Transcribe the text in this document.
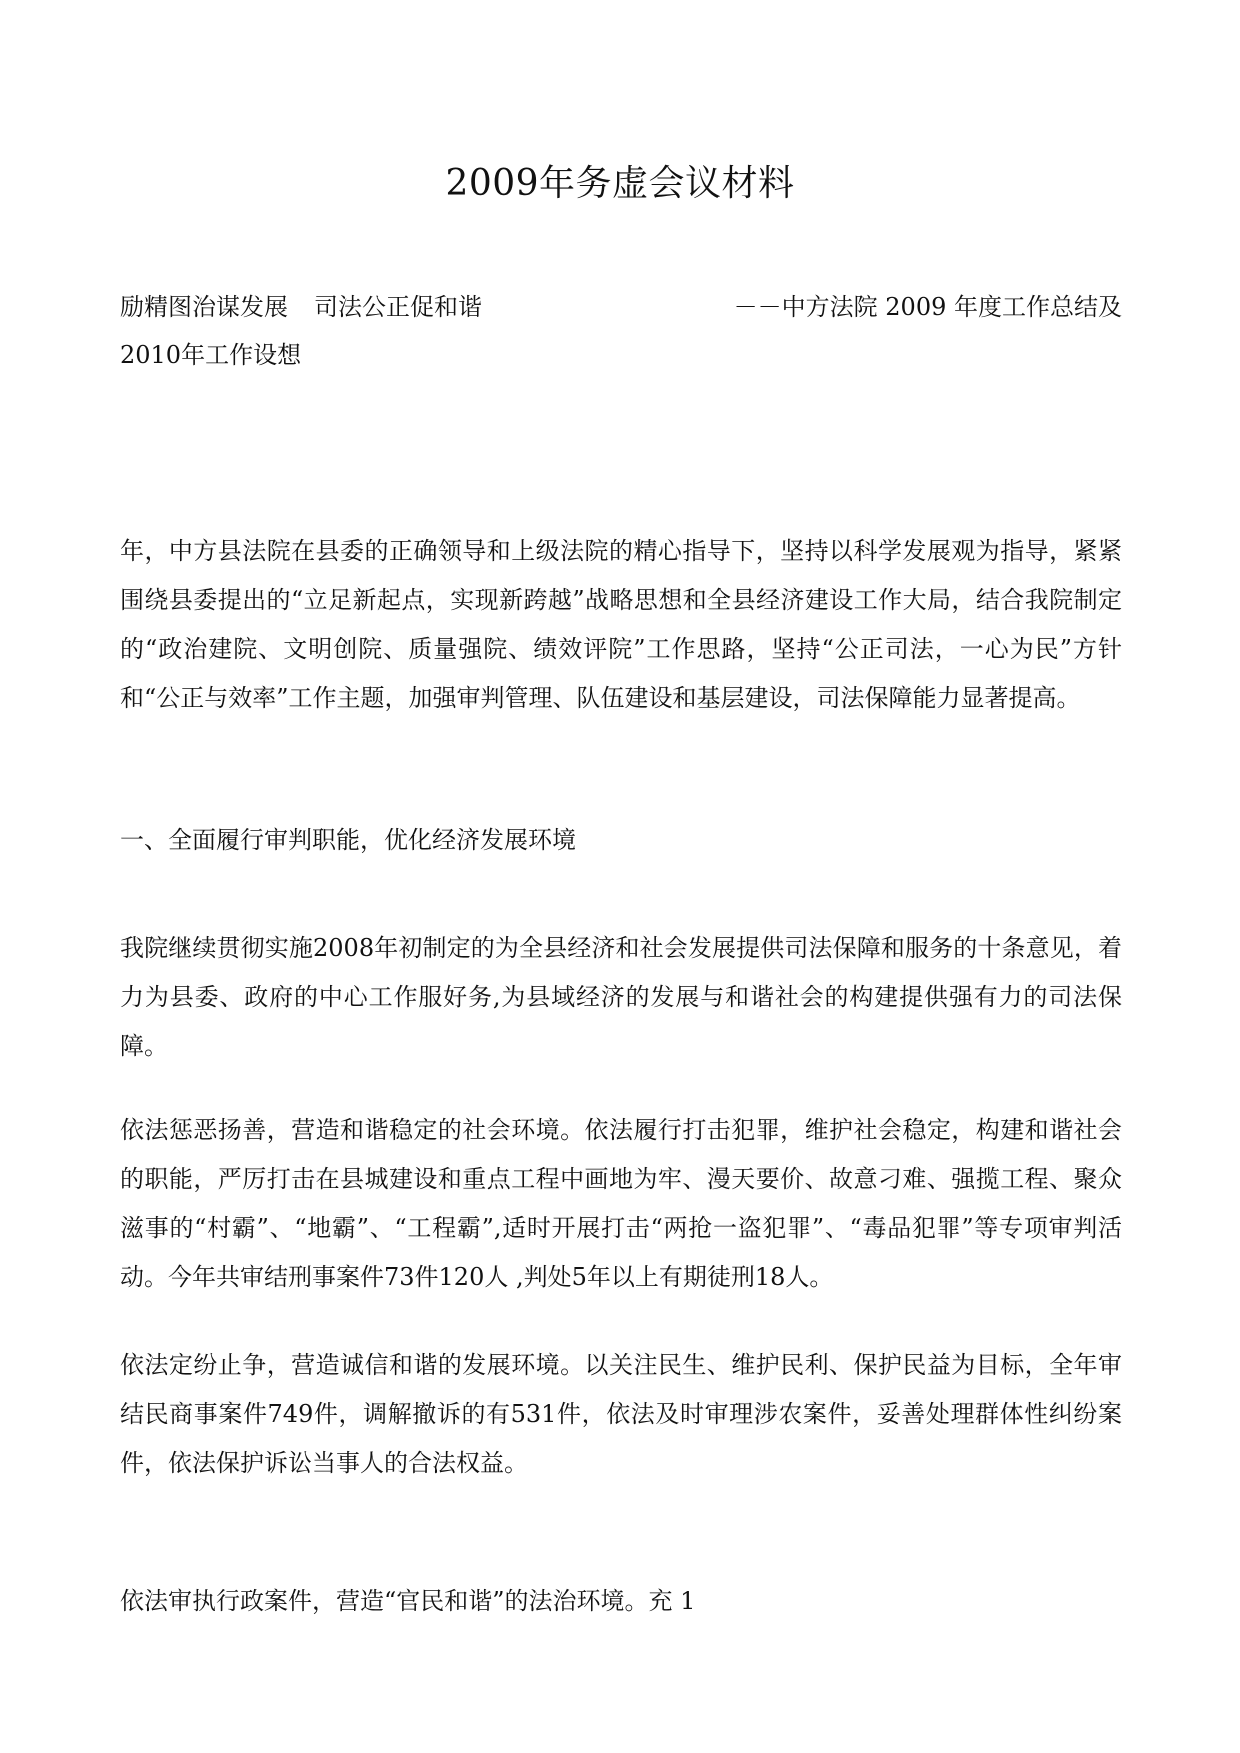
2009年务虚会议材料
励精图治谋发展 司法公正促和谐	－－中方法院 2009 年度工作总结及
2010年工作设想

年，中方县法院在县委的正确领导和上级法院的精心指导下，坚持以科学发展观为指导，紧紧围绕县委提出的“立足新起点，实现新跨越”战略思想和全县经济建设工作大局，结合我院制定的“政治建院、文明创院、质量强院、绩效评院”工作思路，坚持“公正司法，一心为民”方针和“公正与效率”工作主题，加强审判管理、队伍建设和基层建设，司法保障能力显著提高。

一、全面履行审判职能，优化经济发展环境

我院继续贯彻实施2008年初制定的为全县经济和社会发展提供司法保障和服务的十条意见，着力为县委、政府的中心工作服好务,为县域经济的发展与和谐社会的构建提供强有力的司法保障。

依法惩恶扬善，营造和谐稳定的社会环境。依法履行打击犯罪，维护社会稳定，构建和谐社会的职能，严厉打击在县城建设和重点工程中画地为牢、漫天要价、故意刁难、强揽工程、聚众滋事的“村霸”、“地霸”、“工程霸”,适时开展打击“两抢一盗犯罪”、“毒品犯罪”等专项审判活动。今年共审结刑事案件73件120人 ,判处5年以上有期徒刑18人。

依法定纷止争，营造诚信和谐的发展环境。以关注民生、维护民利、保护民益为目标，全年审结民商事案件749件，调解撤诉的有531件，依法及时审理涉农案件，妥善处理群体性纠纷案件，依法保护诉讼当事人的合法权益。

依法审执行政案件，营造“官民和谐”的法治环境。充 1
